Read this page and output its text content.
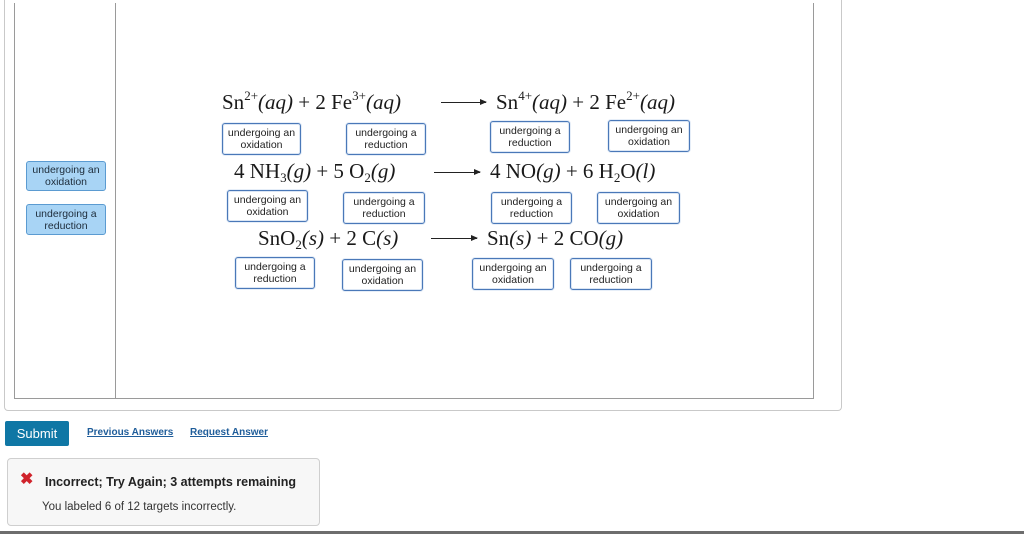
undergoing an oxidation
undergoing a reduction
$Sn^{2+}(aq) + 2$ $Fe^{3+}(aq)$	→ $Sn^{4+}(aq) + 2$ $Fe^{2+}(aq)$
undergoing an oxidation
undergoing a reduction
undergoing a reduction
undergoing an oxidation
4 $NH_3(g) + 5$ $O_2(g) \to 4$ NO(g) + 6 $H_2O(l)$
undergoing an oxidation
undergoing a reduction
undergoing a reduction
undergoing an oxidation
SnO$_2$(s) + 2 C(s) → Sn(s) + 2 CO(g)
undergoing a reduction
undergoing an oxidation
undergoing an oxidation
undergoing a reduction
Submit	Previous Answers Request Answer
✖ Incorrect; Try Again; 3 attempts remaining
You labeled 6 of 12 targets incorrectly.
